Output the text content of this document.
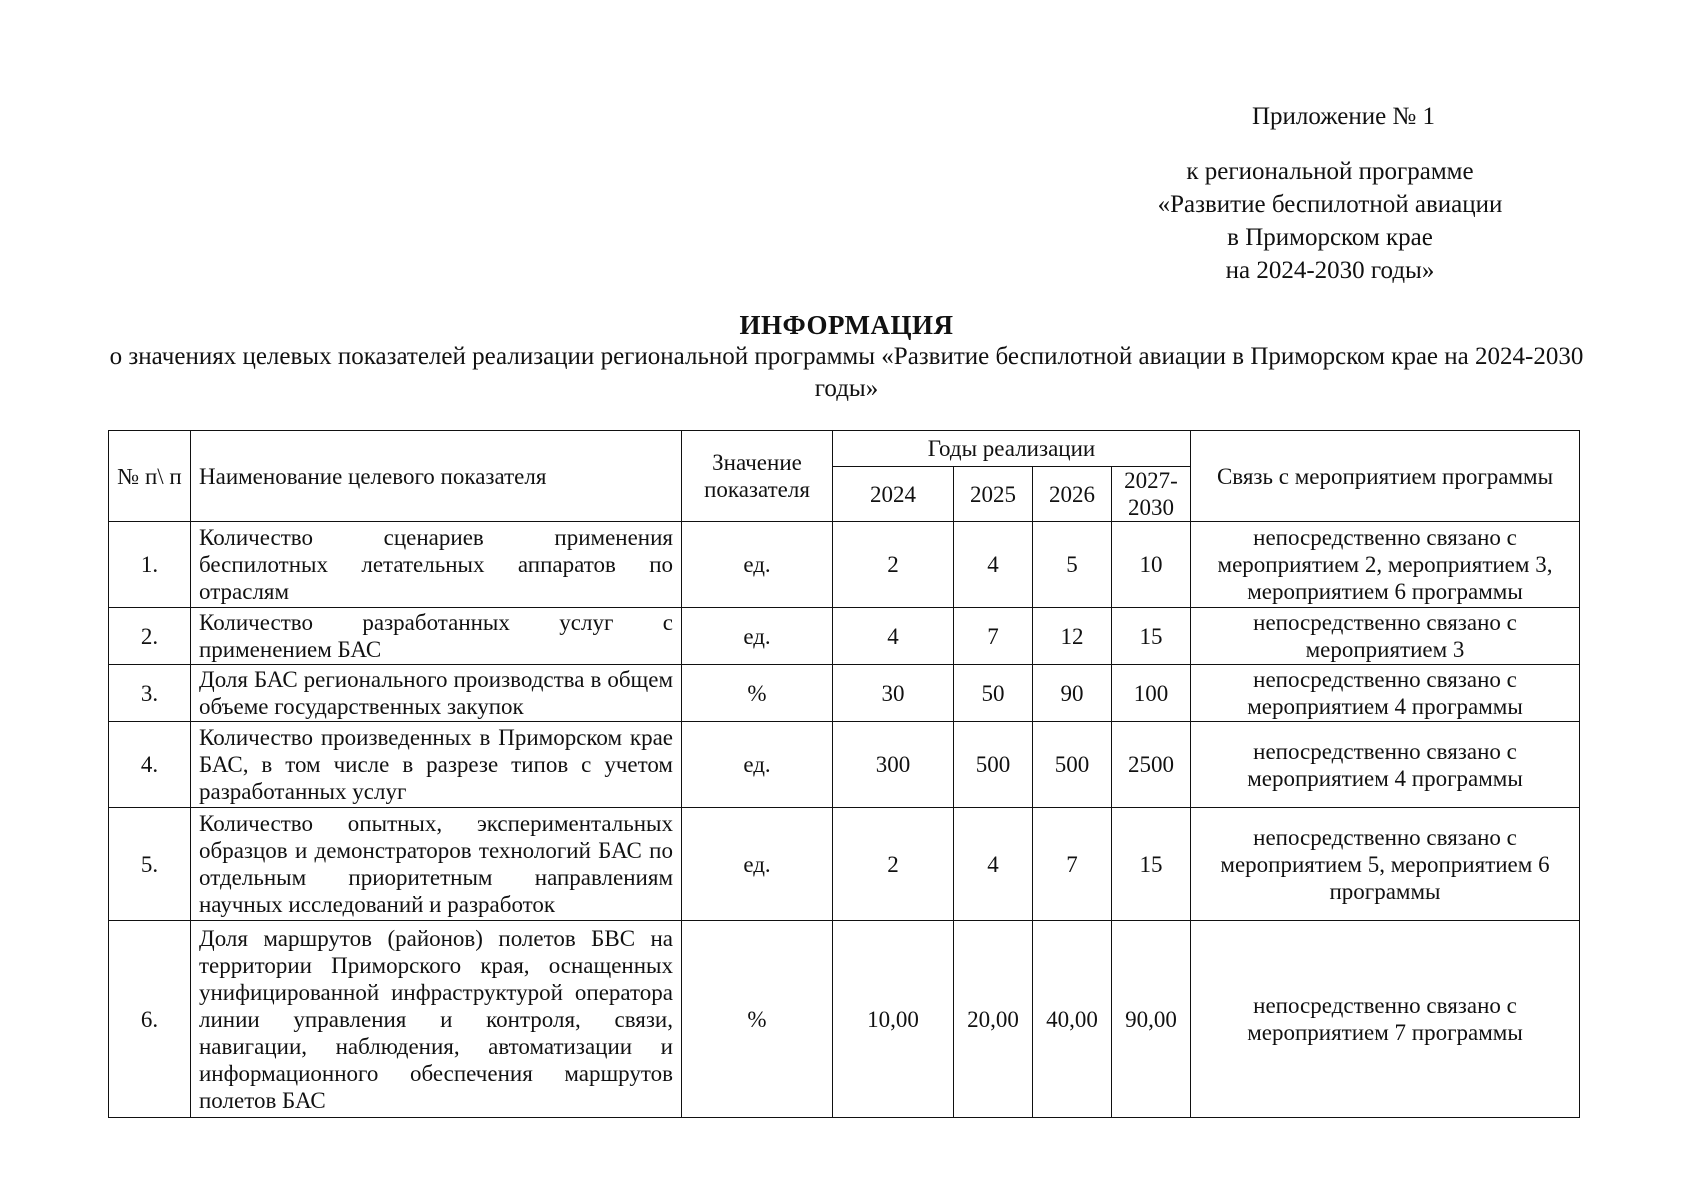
Приложение № 1
к региональной программе
«Развитие беспилотной авиации
в Приморском крае
на 2024-2030 годы»
ИНФОРМАЦИЯ
о значениях целевых показателей реализации региональной программы «Развитие беспилотной авиации в Приморском крае на 2024-2030 годы»
№ п\ п	Наименование целевого показателя	Значение показателя	Годы реализации				Связь с мероприятием программы
			2024	2025	2026	2027-2030	
1.	Количество сценариев применения беспилотных летательных аппаратов по отраслям	ед.	2	4	5	10	непосредственно связано с мероприятием 2, мероприятием 3, мероприятием 6 программы
2.	Количество разработанных услуг с применением БАС	ед.	4	7	12	15	непосредственно связано с мероприятием 3
3.	Доля БАС регионального производства в общем объеме государственных закупок	%	30	50	90	100	непосредственно связано с мероприятием 4 программы
4.	Количество произведенных в Приморском крае БАС, в том числе в разрезе типов с учетом разработанных услуг	ед.	300	500	500	2500	непосредственно связано с мероприятием 4 программы
5.	Количество опытных, экспериментальных образцов и демонстраторов технологий БАС по отдельным приоритетным направлениям научных исследований и разработок	ед.	2	4	7	15	непосредственно связано с мероприятием 5, мероприятием 6 программы
6.	Доля маршрутов (районов) полетов БВС на территории Приморского края, оснащенных унифицированной инфраструктурой оператора линии управления и контроля, связи, навигации, наблюдения, автоматизации и информационного обеспечения маршрутов полетов БАС	%	10,00	20,00	40,00	90,00	непосредственно связано с мероприятием 7 программы
